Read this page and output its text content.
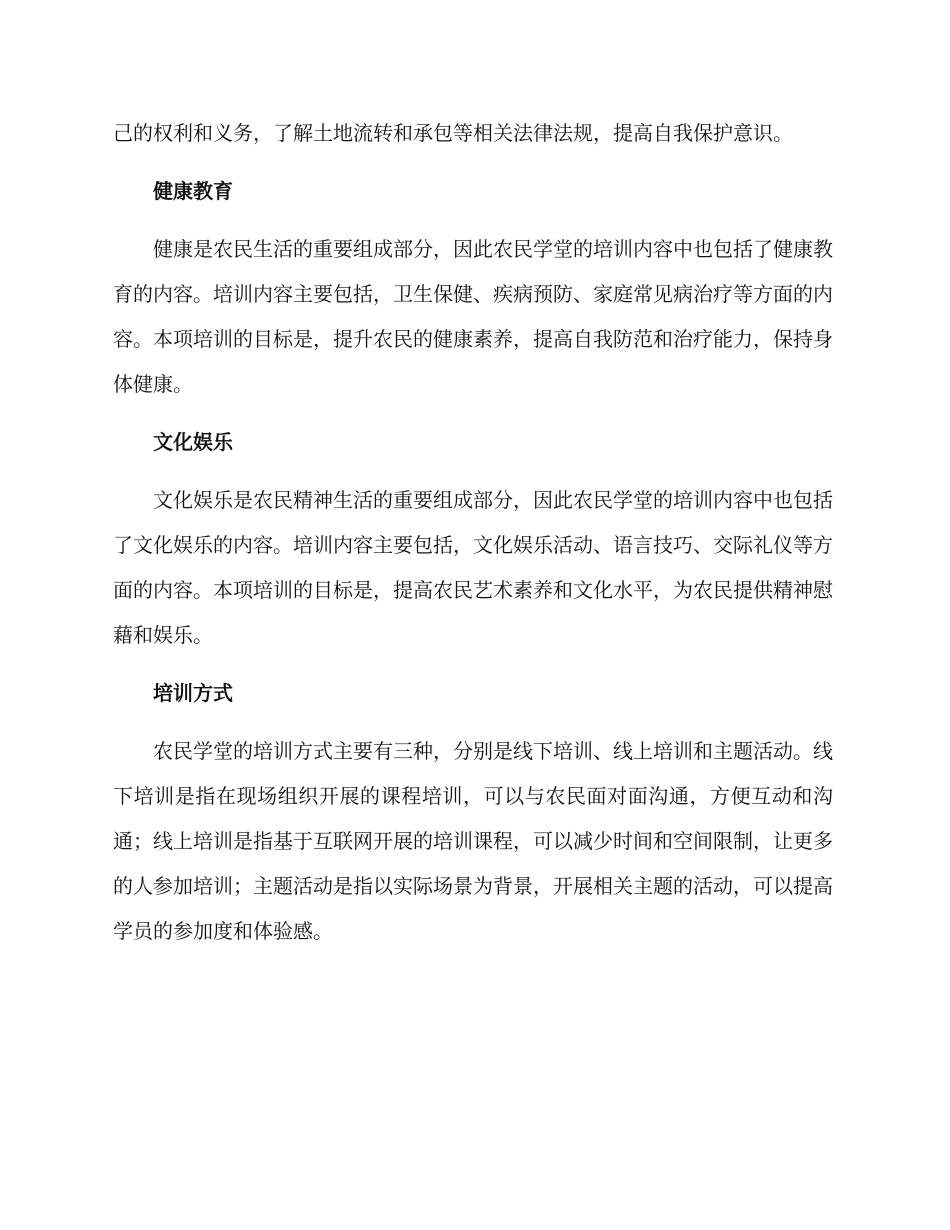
己的权利和义务，了解土地流转和承包等相关法律法规，提高自我保护意识。

健康教育

健康是农民生活的重要组成部分，因此农民学堂的培训内容中也包括了健康教育的内容。培训内容主要包括，卫生保健、疾病预防、家庭常见病治疗等方面的内容。本项培训的目标是，提升农民的健康素养，提高自我防范和治疗能力，保持身体健康。

文化娱乐

文化娱乐是农民精神生活的重要组成部分，因此农民学堂的培训内容中也包括了文化娱乐的内容。培训内容主要包括，文化娱乐活动、语言技巧、交际礼仪等方面的内容。本项培训的目标是，提高农民艺术素养和文化水平，为农民提供精神慰藉和娱乐。

培训方式

农民学堂的培训方式主要有三种，分别是线下培训、线上培训和主题活动。线下培训是指在现场组织开展的课程培训，可以与农民面对面沟通，方便互动和沟通；线上培训是指基于互联网开展的培训课程，可以减少时间和空间限制，让更多的人参加培训；主题活动是指以实际场景为背景，开展相关主题的活动，可以提高学员的参加度和体验感。
